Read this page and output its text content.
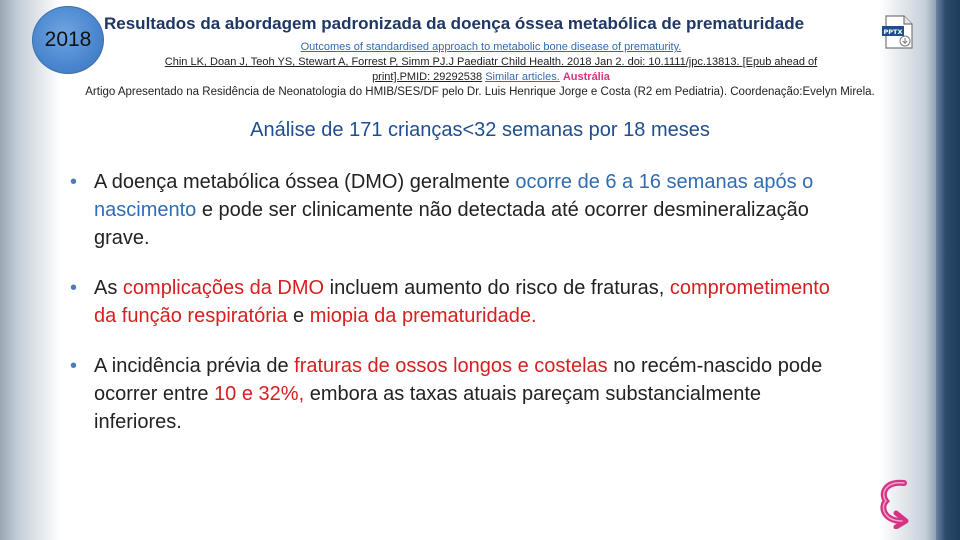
2018
Resultados da abordagem padronizada da doença óssea metabólica de prematuridade	PPTX
Outcomes of standardised approach to metabolic bone disease of prematurity.
Chin LK, Doan J, Teoh YS, Stewart A, Forrest P, Simm PJ.J Paediatr Child Health. 2018 Jan 2. doi: 10.1111/jpc.13813. [Epub ahead of
print].PMID: 29292538 Similar articles. Austrália
Artigo Apresentado na Residência de Neonatologia do HMIB/SES/DF pelo Dr. Luis Henrique Jorge e Costa (R2 em Pediatria). Coordenação:Evelyn Mirela.
Análise de 171 crianças<32 semanas por 18 meses
• A doença metabólica óssea (DMO) geralmente ocorre de 6 a 16 semanas após o nascimento e pode ser clinicamente não detectada até ocorrer desmineralização grave.
• As complicações da DMO incluem aumento do risco de fraturas, comprometimento da função respiratória e miopia da prematuridade.
• A incidência prévia de fraturas de ossos longos e costelas no recém-nascido pode ocorrer entre 10 e 32%, embora as taxas atuais pareçam substancialmente inferiores.
